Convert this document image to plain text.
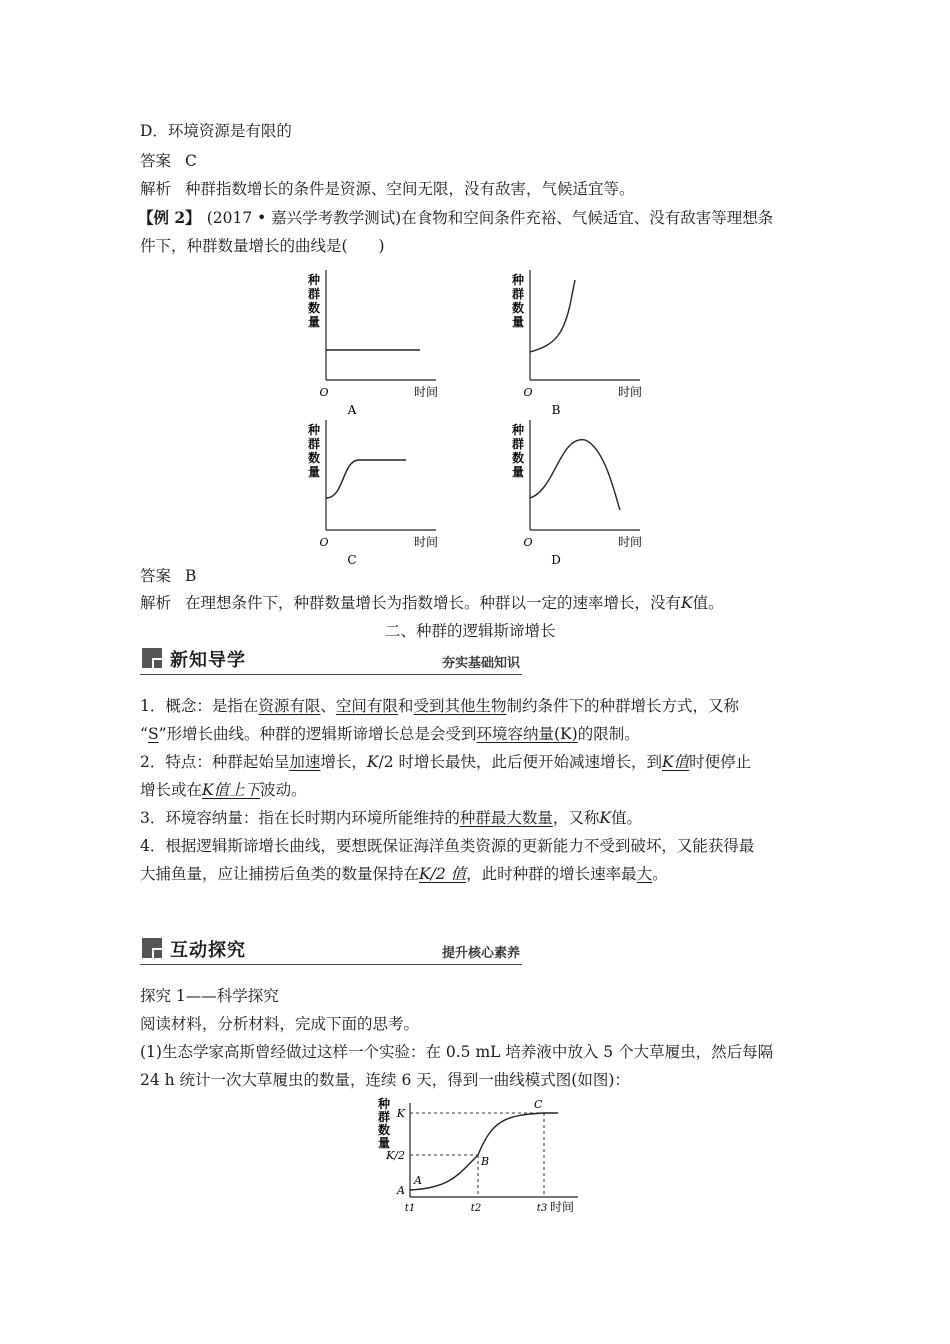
D．环境资源是有限的
答案 C
解析 种群指数增长的条件是资源、空间无限，没有敌害，气候适宜等。
【例 2】 (2017 • 嘉兴学考教学测试)在食物和空间条件充裕、气候适宜、没有敌害等理想条
件下，种群数量增长的曲线是(　　)
种
群
数
量
O	时间
A
种
群
数
量
O	时间
B
种
群
数
量
O	时间
C
种
群
数
量
O	时间
D
答案 B
解析 在理想条件下，种群数量增长为指数增长。种群以一定的速率增长，没有K值。
二、种群的逻辑斯谛增长
新知导学	夯实基础知识
1．概念：是指在资源有限、空间有限和受到其他生物制约条件下的种群增长方式，又称
“S”形增长曲线。种群的逻辑斯谛增长总是会受到环境容纳量(K)的限制。
2．特点：种群起始呈加速增长，K/2 时增长最快，此后便开始减速增长，到K值时便停止
增长或在K值上下波动。
3．环境容纳量：指在长时期内环境所能维持的种群最大数量，又称K值。
4．根据逻辑斯谛增长曲线，要想既保证海洋鱼类资源的更新能力不受到破坏，又能获得最
大捕鱼量，应让捕捞后鱼类的数量保持在K/2 值，此时种群的增长速率最大。
互动探究	提升核心素养
探究 1——科学探究
阅读材料，分析材料，完成下面的思考。
(1)生态学家高斯曾经做过这样一个实验：在 0.5 mL 培养液中放入 5 个大草履虫，然后每隔
24 h 统计一次大草履虫的数量，连续 6 天，得到一曲线模式图(如图)：
种
群
数
量
K
K/2
A
A
B
C
t1	t2	t3 时间
